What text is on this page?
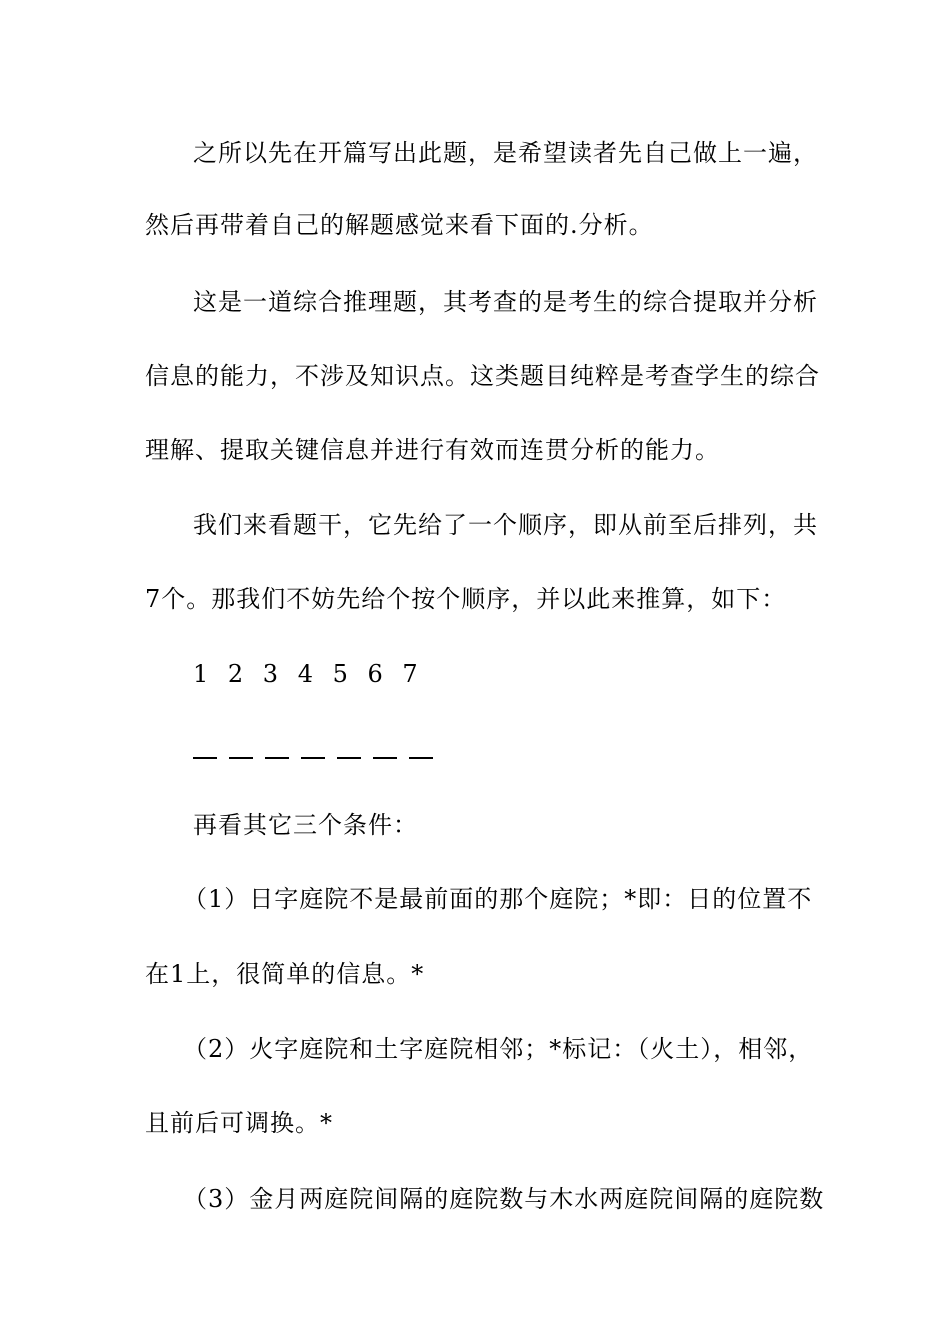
之所以先在开篇写出此题，是希望读者先自己做上一遍，
然后再带着自己的解题感觉来看下面的.分析。
这是一道综合推理题，其考查的是考生的综合提取并分析
信息的能力，不涉及知识点。这类题目纯粹是考查学生的综合
理解、提取关键信息并进行有效而连贯分析的能力。
我们来看题干，它先给了一个顺序，即从前至后排列，共
7个。那我们不妨先给个按个顺序，并以此来推算，如下：
1 2 3 4 5 6 7
再看其它三个条件：
（1）日字庭院不是最前面的那个庭院；*即：日的位置不
在1上，很简单的信息。*
（2）火字庭院和土字庭院相邻；*标记：（火土），相邻，
且前后可调换。*
（3）金月两庭院间隔的庭院数与木水两庭院间隔的庭院数
